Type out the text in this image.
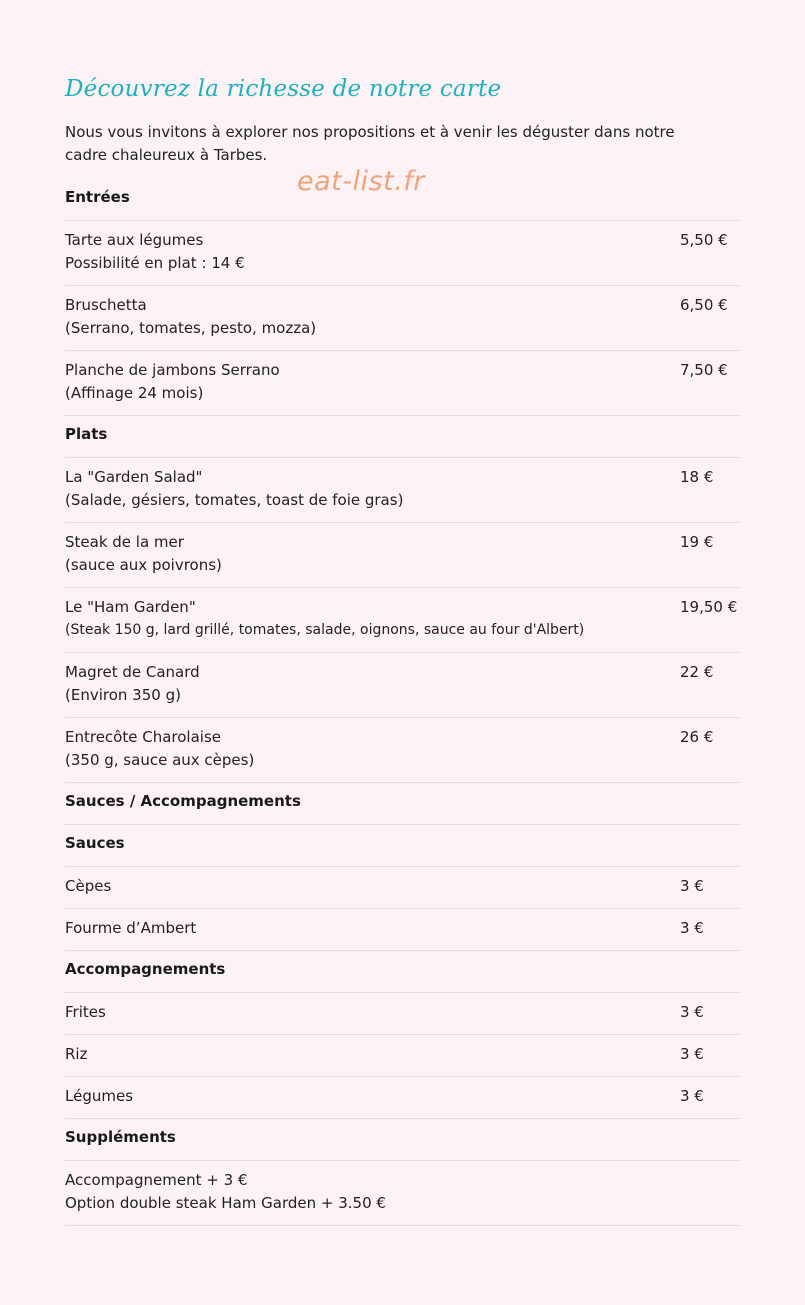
Découvrez la richesse de notre carte
Nous vous invitons à explorer nos propositions et à venir les déguster dans notre
cadre chaleureux à Tarbes.
Entrées
Tarte aux légumes
Possibilité en plat : 14 €
5,50 €
Bruschetta
(Serrano, tomates, pesto, mozza)
6,50 €
Planche de jambons Serrano
(Affinage 24 mois)
7,50 €
Plats
La "Garden Salad"
(Salade, gésiers, tomates, toast de foie gras)
18 €
Steak de la mer
(sauce aux poivrons)
19 €
Le "Ham Garden"
(Steak 150 g, lard grillé, tomates, salade, oignons, sauce au four d'Albert)
19,50 €
Magret de Canard
(Environ 350 g)
22 €
Entrecôte Charolaise
(350 g, sauce aux cèpes)
26 €
Sauces / Accompagnements
Sauces
Cèpes	3 €
Fourme d’Ambert	3 €
Accompagnements
Frites	3 €
Riz	3 €
Légumes	3 €
Suppléments
Accompagnement + 3 €
Option double steak Ham Garden + 3.50 €
eat-list.fr
